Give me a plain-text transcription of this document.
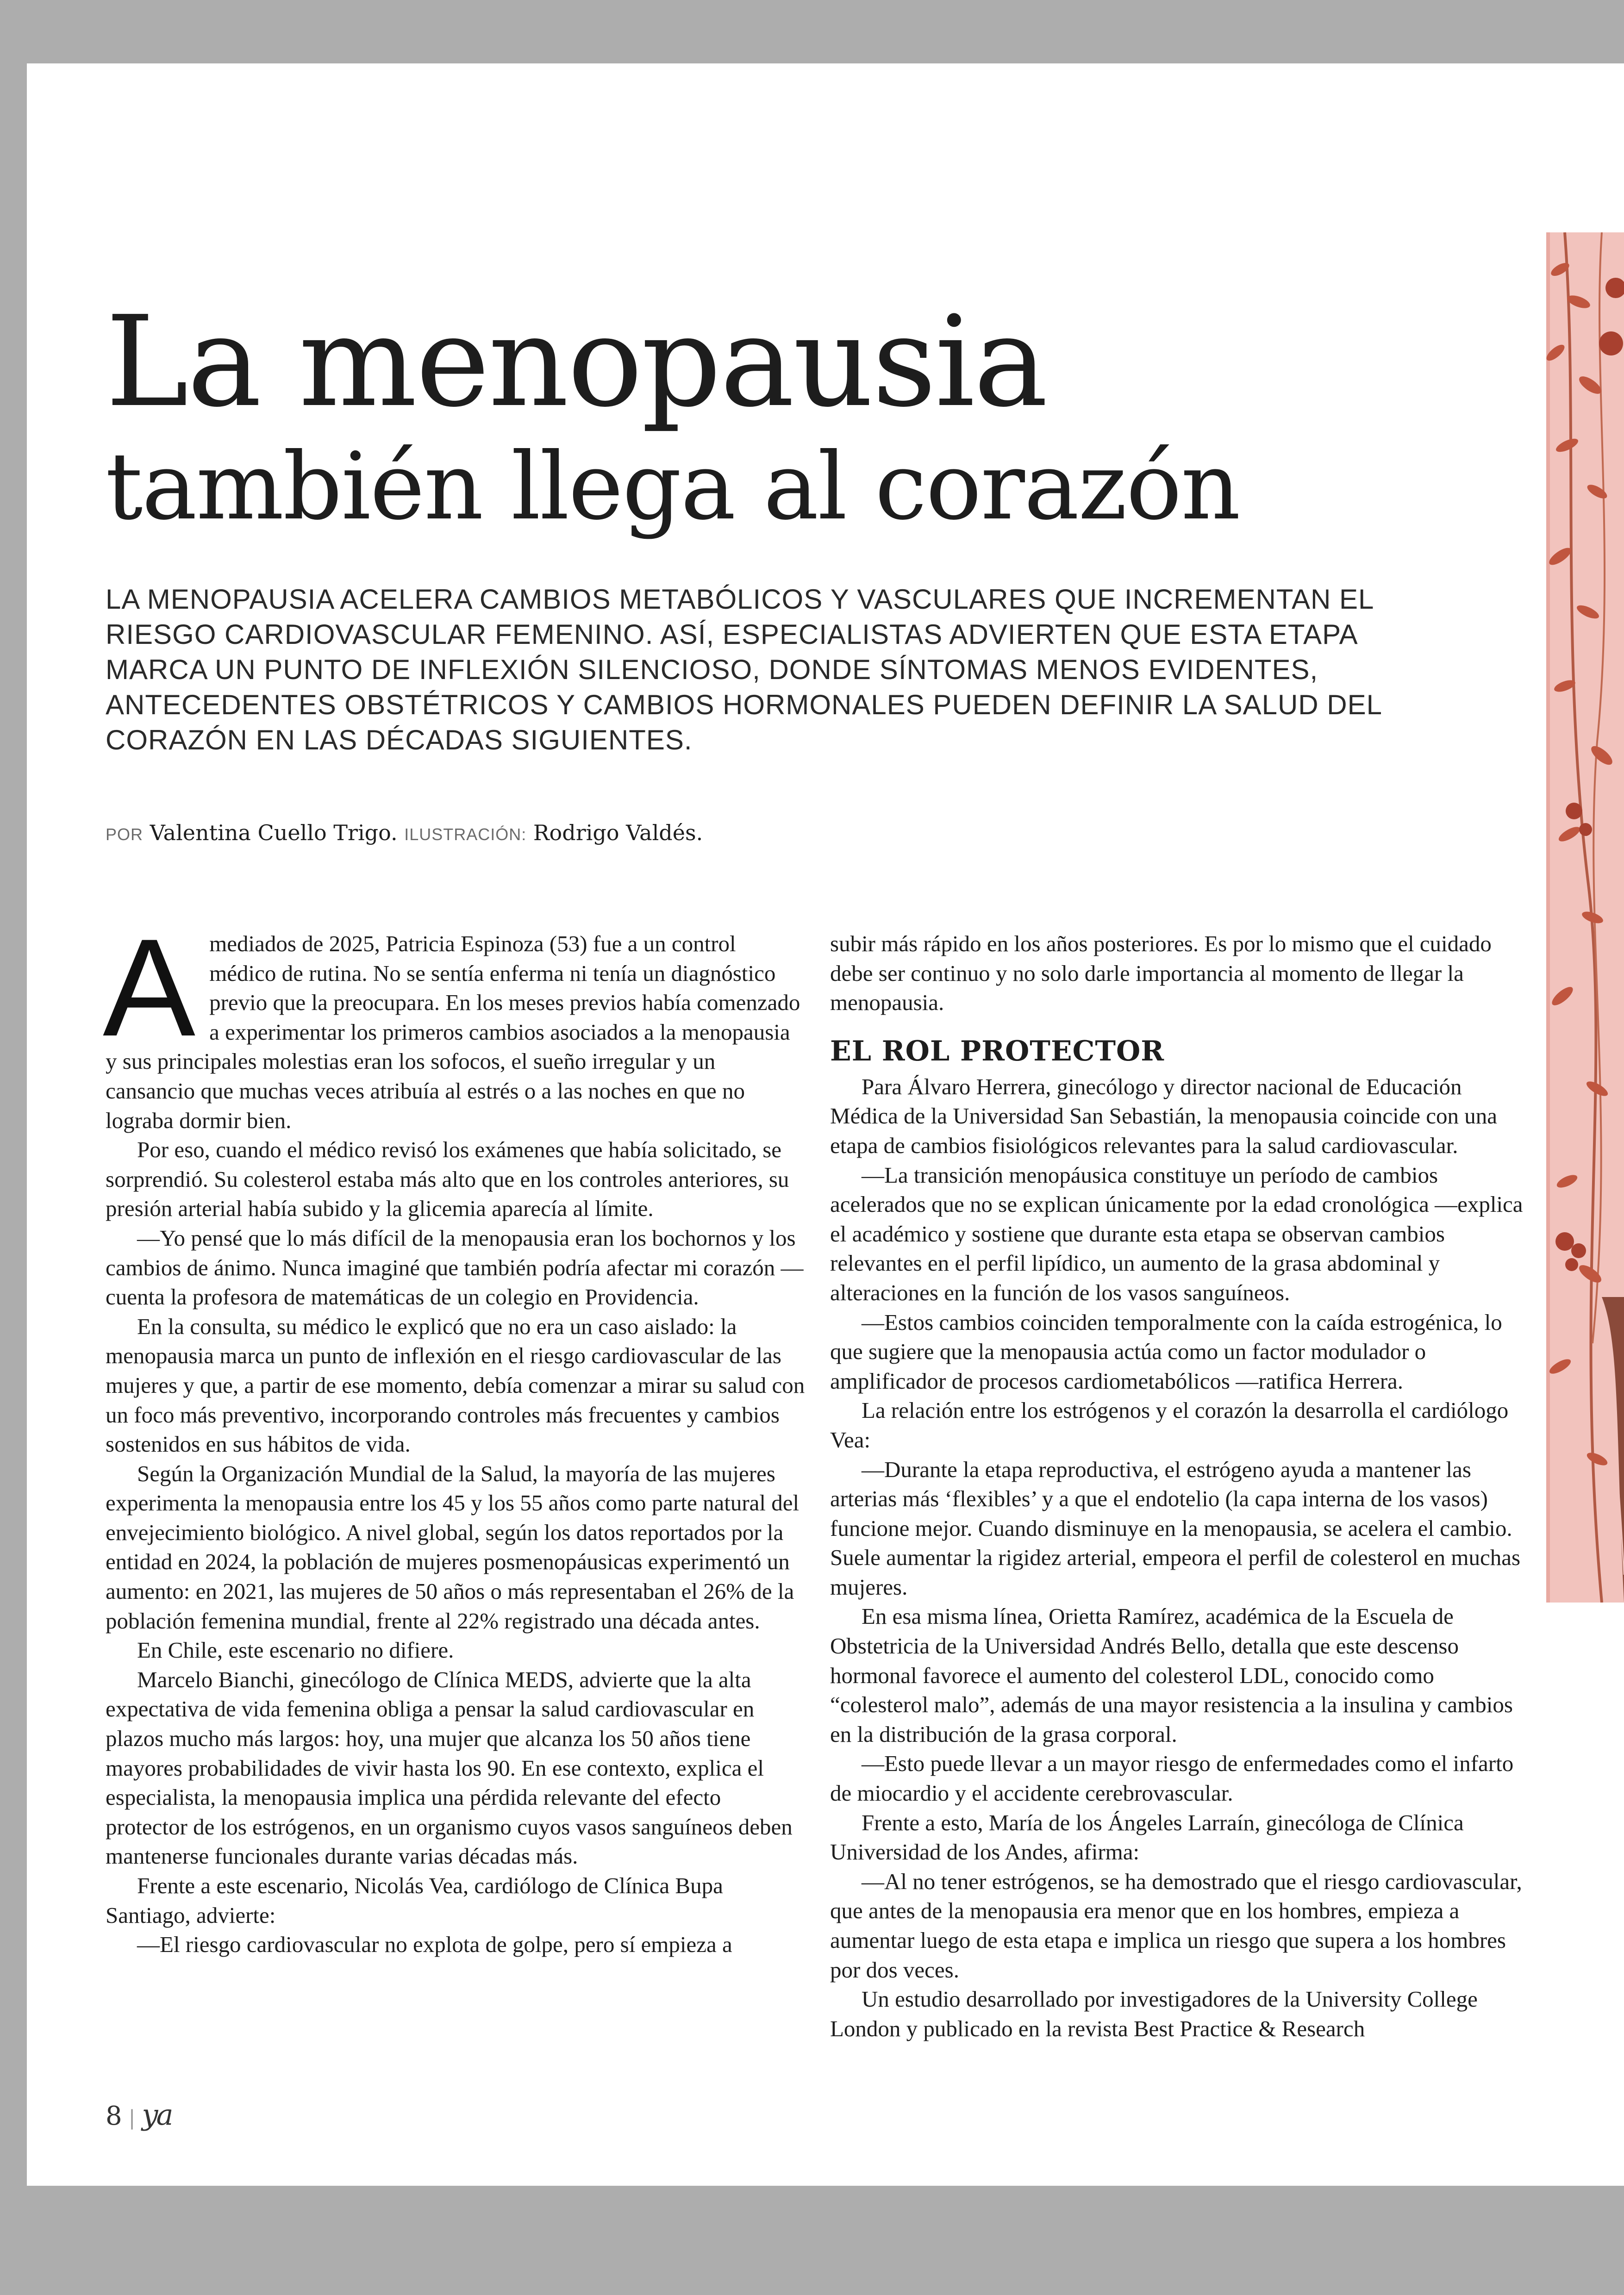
La menopausia
también llega al corazón

LA MENOPAUSIA ACELERA CAMBIOS METABÓLICOS Y VASCULARES QUE INCREMENTAN EL RIESGO CARDIOVASCULAR FEMENINO. ASÍ, ESPECIALISTAS ADVIERTEN QUE ESTA ETAPA MARCA UN PUNTO DE INFLEXIÓN SILENCIOSO, DONDE SÍNTOMAS MENOS EVIDENTES, ANTECEDENTES OBSTÉTRICOS Y CAMBIOS HORMONALES PUEDEN DEFINIR LA SALUD DEL CORAZÓN EN LAS DÉCADAS SIGUIENTES.

POR Valentina Cuello Trigo. ILUSTRACIÓN: Rodrigo Valdés.

Amediados de 2025, Patricia Espinoza (53) fue a un control médico de rutina. No se sentía enferma ni tenía un diagnóstico previo que la preocupara. En los meses previos había comenzado a experimentar los primeros cambios asociados a la menopausia y sus principales molestias eran los sofocos, el sueño irregular y un cansancio que muchas veces atribuía al estrés o a las noches en que no lograba dormir bien.

Por eso, cuando el médico revisó los exámenes que había solicitado, se sorprendió. Su colesterol estaba más alto que en los controles anteriores, su presión arterial había subido y la glicemia aparecía al límite.

—Yo pensé que lo más difícil de la menopausia eran los bochornos y los cambios de ánimo. Nunca imaginé que también podría afectar mi corazón —cuenta la profesora de matemáticas de un colegio en Providencia.

En la consulta, su médico le explicó que no era un caso aislado: la menopausia marca un punto de inflexión en el riesgo cardiovascular de las mujeres y que, a partir de ese momento, debía comenzar a mirar su salud con un foco más preventivo, incorporando controles más frecuentes y cambios sostenidos en sus hábitos de vida.

Según la Organización Mundial de la Salud, la mayoría de las mujeres experimenta la menopausia entre los 45 y los 55 años como parte natural del envejecimiento biológico. A nivel global, según los datos reportados por la entidad en 2024, la población de mujeres posmenopáusicas experimentó un aumento: en 2021, las mujeres de 50 años o más representaban el 26% de la población femenina mundial, frente al 22% registrado una década antes.

En Chile, este escenario no difiere.

Marcelo Bianchi, ginecólogo de Clínica MEDS, advierte que la alta expectativa de vida femenina obliga a pensar la salud cardiovascular en plazos mucho más largos: hoy, una mujer que alcanza los 50 años tiene mayores probabilidades de vivir hasta los 90. En ese contexto, explica el especialista, la menopausia implica una pérdida relevante del efecto protector de los estrógenos, en un organismo cuyos vasos sanguíneos deben mantenerse funcionales durante varias décadas más.

Frente a este escenario, Nicolás Vea, cardiólogo de Clínica Bupa Santiago, advierte:

—El riesgo cardiovascular no explota de golpe, pero sí empieza a

subir más rápido en los años posteriores. Es por lo mismo que el cuidado debe ser continuo y no solo darle importancia al momento de llegar la menopausia.

EL ROL PROTECTOR

Para Álvaro Herrera, ginecólogo y director nacional de Educación Médica de la Universidad San Sebastián, la menopausia coincide con una etapa de cambios fisiológicos relevantes para la salud cardiovascular.

—La transición menopáusica constituye un período de cambios acelerados que no se explican únicamente por la edad cronológica —explica el académico y sostiene que durante esta etapa se observan cambios relevantes en el perfil lipídico, un aumento de la grasa abdominal y alteraciones en la función de los vasos sanguíneos.

—Estos cambios coinciden temporalmente con la caída estrogénica, lo que sugiere que la menopausia actúa como un factor modulador o amplificador de procesos cardiometabólicos —ratifica Herrera.

La relación entre los estrógenos y el corazón la desarrolla el cardiólogo Vea:

—Durante la etapa reproductiva, el estrógeno ayuda a mantener las arterias más ‘flexibles’ y a que el endotelio (la capa interna de los vasos) funcione mejor. Cuando disminuye en la menopausia, se acelera el cambio. Suele aumentar la rigidez arterial, empeora el perfil de colesterol en muchas mujeres.

En esa misma línea, Orietta Ramírez, académica de la Escuela de Obstetricia de la Universidad Andrés Bello, detalla que este descenso hormonal favorece el aumento del colesterol LDL, conocido como “colesterol malo”, además de una mayor resistencia a la insulina y cambios en la distribución de la grasa corporal.

—Esto puede llevar a un mayor riesgo de enfermedades como el infarto de miocardio y el accidente cerebrovascular.

Frente a esto, María de los Ángeles Larraín, ginecóloga de Clínica Universidad de los Andes, afirma:

—Al no tener estrógenos, se ha demostrado que el riesgo cardiovascular, que antes de la menopausia era menor que en los hombres, empieza a aumentar luego de esta etapa e implica un riesgo que supera a los hombres por dos veces.

Un estudio desarrollado por investigadores de la University College London y publicado en la revista Best Practice & Research

8 | ya
